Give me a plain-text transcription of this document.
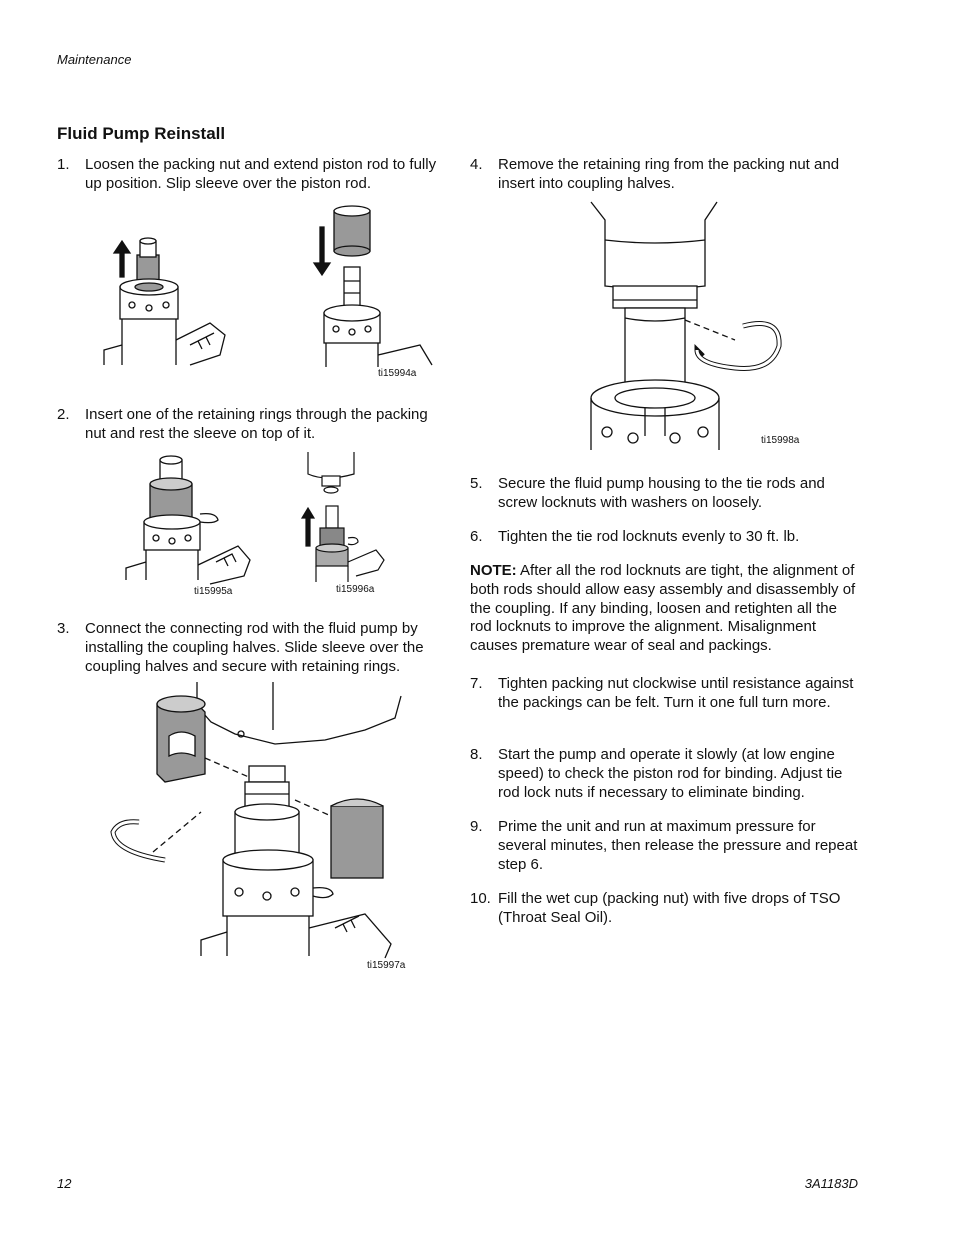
Maintenance
Fluid Pump Reinstall
1. Loosen the packing nut and extend piston rod to fully up position. Slip sleeve over the piston rod.
ti15994a
2. Insert one of the retaining rings through the packing nut and rest the sleeve on top of it.
ti15995a	ti15996a
3. Connect the connecting rod with the fluid pump by installing the coupling halves. Slide sleeve over the coupling halves and secure with retaining rings.
ti15997a
4. Remove the retaining ring from the packing nut and insert into coupling halves.
ti15998a
5. Secure the fluid pump housing to the tie rods and screw locknuts with washers on loosely.
6. Tighten the tie rod locknuts evenly to 30 ft. lb.
NOTE: After all the rod locknuts are tight, the alignment of both rods should allow easy assembly and disassembly of the coupling. If any binding, loosen and retighten all the rod locknuts to improve the alignment. Misalignment causes premature wear of seal and packings.
7. Tighten packing nut clockwise until resistance against the packings can be felt. Turn it one full turn more.
8. Start the pump and operate it slowly (at low engine speed) to check the piston rod for binding. Adjust tie rod lock nuts if necessary to eliminate binding.
9. Prime the unit and run at maximum pressure for several minutes, then release the pressure and repeat step 6.
10. Fill the wet cup (packing nut) with five drops of TSO (Throat Seal Oil).
12	3A1183D
